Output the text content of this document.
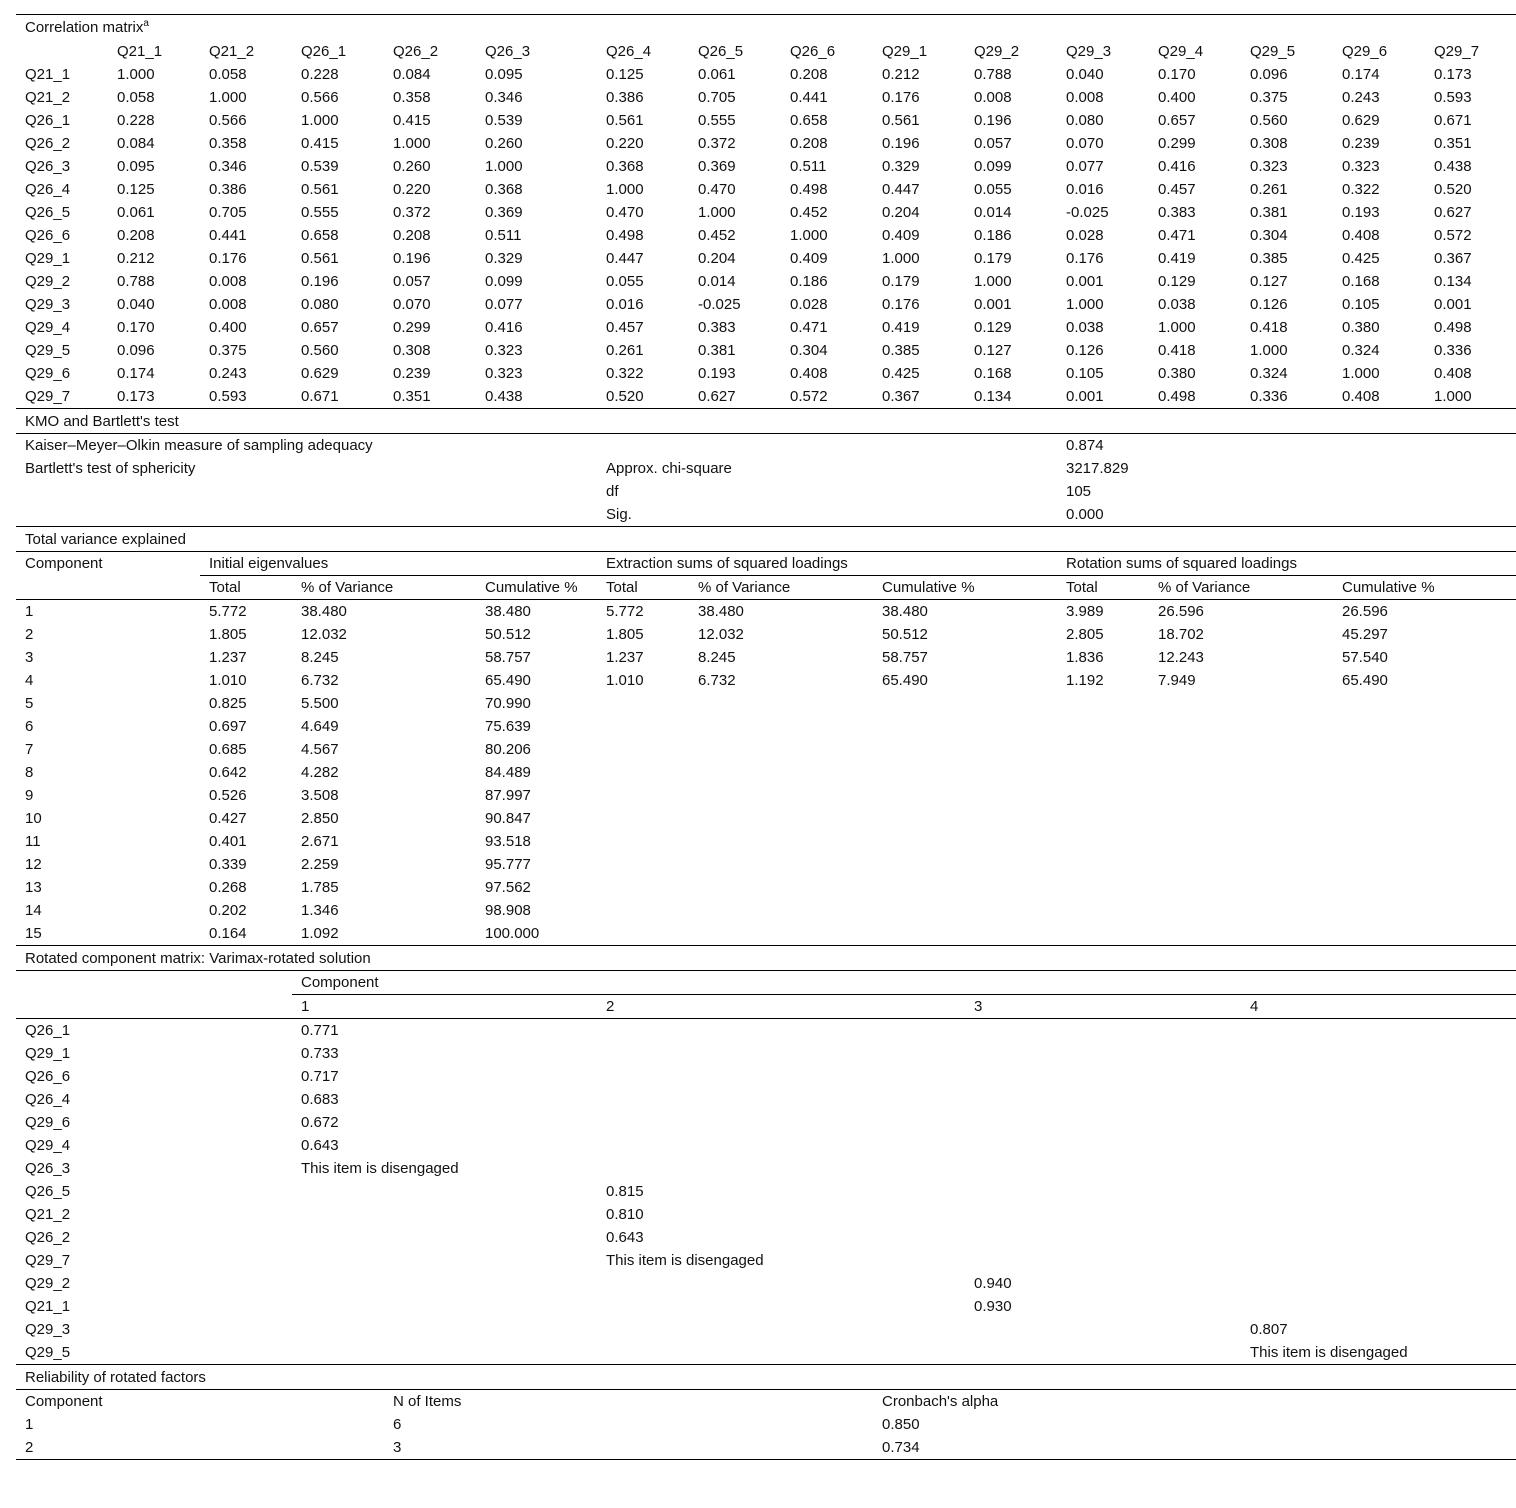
Correlation matrix$^a$
	Q21_1	Q21_2	Q26_1	Q26_2	Q26_3	Q26_4	Q26_5	Q26_6	Q29_1	Q29_2	Q29_3	Q29_4	Q29_5	Q29_6	Q29_7
Q21_1	1.000	0.058	0.228	0.084	0.095	0.125	0.061	0.208	0.212	0.788	0.040	0.170	0.096	0.174	0.173
Q21_2	0.058	1.000	0.566	0.358	0.346	0.386	0.705	0.441	0.176	0.008	0.008	0.400	0.375	0.243	0.593
Q26_1	0.228	0.566	1.000	0.415	0.539	0.561	0.555	0.658	0.561	0.196	0.080	0.657	0.560	0.629	0.671
Q26_2	0.084	0.358	0.415	1.000	0.260	0.220	0.372	0.208	0.196	0.057	0.070	0.299	0.308	0.239	0.351
Q26_3	0.095	0.346	0.539	0.260	1.000	0.368	0.369	0.511	0.329	0.099	0.077	0.416	0.323	0.323	0.438
Q26_4	0.125	0.386	0.561	0.220	0.368	1.000	0.470	0.498	0.447	0.055	0.016	0.457	0.261	0.322	0.520
Q26_5	0.061	0.705	0.555	0.372	0.369	0.470	1.000	0.452	0.204	0.014	-0.025	0.383	0.381	0.193	0.627
Q26_6	0.208	0.441	0.658	0.208	0.511	0.498	0.452	1.000	0.409	0.186	0.028	0.471	0.304	0.408	0.572
Q29_1	0.212	0.176	0.561	0.196	0.329	0.447	0.204	0.409	1.000	0.179	0.176	0.419	0.385	0.425	0.367
Q29_2	0.788	0.008	0.196	0.057	0.099	0.055	0.014	0.186	0.179	1.000	0.001	0.129	0.127	0.168	0.134
Q29_3	0.040	0.008	0.080	0.070	0.077	0.016	-0.025	0.028	0.176	0.001	1.000	0.038	0.126	0.105	0.001
Q29_4	0.170	0.400	0.657	0.299	0.416	0.457	0.383	0.471	0.419	0.129	0.038	1.000	0.418	0.380	0.498
Q29_5	0.096	0.375	0.560	0.308	0.323	0.261	0.381	0.304	0.385	0.127	0.126	0.418	1.000	0.324	0.336
Q29_6	0.174	0.243	0.629	0.239	0.323	0.322	0.193	0.408	0.425	0.168	0.105	0.380	0.324	1.000	0.408
Q29_7	0.173	0.593	0.671	0.351	0.438	0.520	0.627	0.572	0.367	0.134	0.001	0.498	0.336	0.408	1.000
KMO and Bartlett's test															
Kaiser–Meyer–Olkin measure of sampling adequacy											0.874				
Bartlett's test of sphericity						Approx. chi-square					3217.829				
						df					105				
						Sig.					0.000				
Total variance explained															
Component		Initial eigenvalues				Extraction sums of squared loadings					Rotation sums of squared loadings				
		Total	% of Variance		Cumulative %	Total	% of Variance		Cumulative %		Total	% of Variance		Cumulative %	
1		5.772	38.480		38.480	5.772	38.480		38.480		3.989	26.596		26.596	
2		1.805	12.032		50.512	1.805	12.032		50.512		2.805	18.702		45.297	
3		1.237	8.245		58.757	1.237	8.245		58.757		1.836	12.243		57.540	
4		1.010	6.732		65.490	1.010	6.732		65.490		1.192	7.949		65.490	
5		0.825	5.500		70.990										
6		0.697	4.649		75.639										
7		0.685	4.567		80.206										
8		0.642	4.282		84.489										
9		0.526	3.508		87.997										
10		0.427	2.850		90.847										
11		0.401	2.671		93.518										
12		0.339	2.259		95.777										
13		0.268	1.785		97.562										
14		0.202	1.346		98.908										
15		0.164	1.092		100.000										
Rotated component matrix: Varimax-rotated solution															
			Component												
			1			2				3			4		
Q26_1			0.771												
Q29_1			0.733												
Q26_6			0.717												
Q26_4			0.683												
Q29_6			0.672												
Q29_4			0.643												
Q26_3			This item is disengaged												
Q26_5						0.815									
Q21_2						0.810									
Q26_2						0.643									
Q29_7						This item is disengaged									
Q29_2										0.940					
Q21_1										0.930					
Q29_3													0.807		
Q29_5													This item is disengaged		
Reliability of rotated factors															
Component				N of Items					Cronbach's alpha						
1				6					0.850						
2				3					0.734						
